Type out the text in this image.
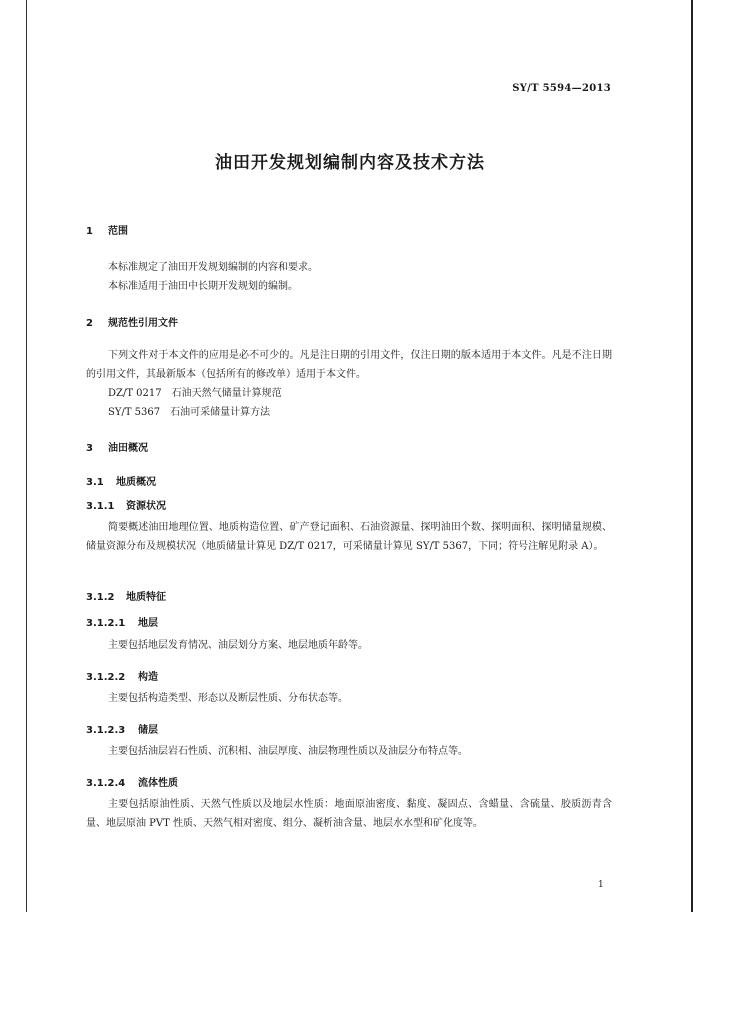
SY/T 5594—2013
油田开发规划编制内容及技术方法
1 范围
本标准规定了油田开发规划编制的内容和要求。
本标准适用于油田中长期开发规划的编制。
2 规范性引用文件
下列文件对于本文件的应用是必不可少的。凡是注日期的引用文件，仅注日期的版本适用于本文件。凡是不注日期的引用文件，其最新版本（包括所有的修改单）适用于本文件。
DZ/T 0217　石油天然气储量计算规范
SY/T 5367　石油可采储量计算方法
3 油田概况
3.1 地质概况
3.1.1 资源状况
简要概述油田地理位置、地质构造位置、矿产登记面积、石油资源量、探明油田个数、探明面积、探明储量规模、储量资源分布及规模状况（地质储量计算见 DZ/T 0217，可采储量计算见 SY/T 5367，下同；符号注解见附录 A）。
3.1.2 地质特征
3.1.2.1 地层
主要包括地层发育情况、油层划分方案、地层地质年龄等。
3.1.2.2 构造
主要包括构造类型、形态以及断层性质、分布状态等。
3.1.2.3 储层
主要包括油层岩石性质、沉积相、油层厚度、油层物理性质以及油层分布特点等。
3.1.2.4 流体性质
主要包括原油性质、天然气性质以及地层水性质：地面原油密度、黏度、凝固点、含蜡量、含硫量、胶质沥青含量、地层原油 PVT 性质、天然气相对密度、组分、凝析油含量、地层水水型和矿化度等。
1
